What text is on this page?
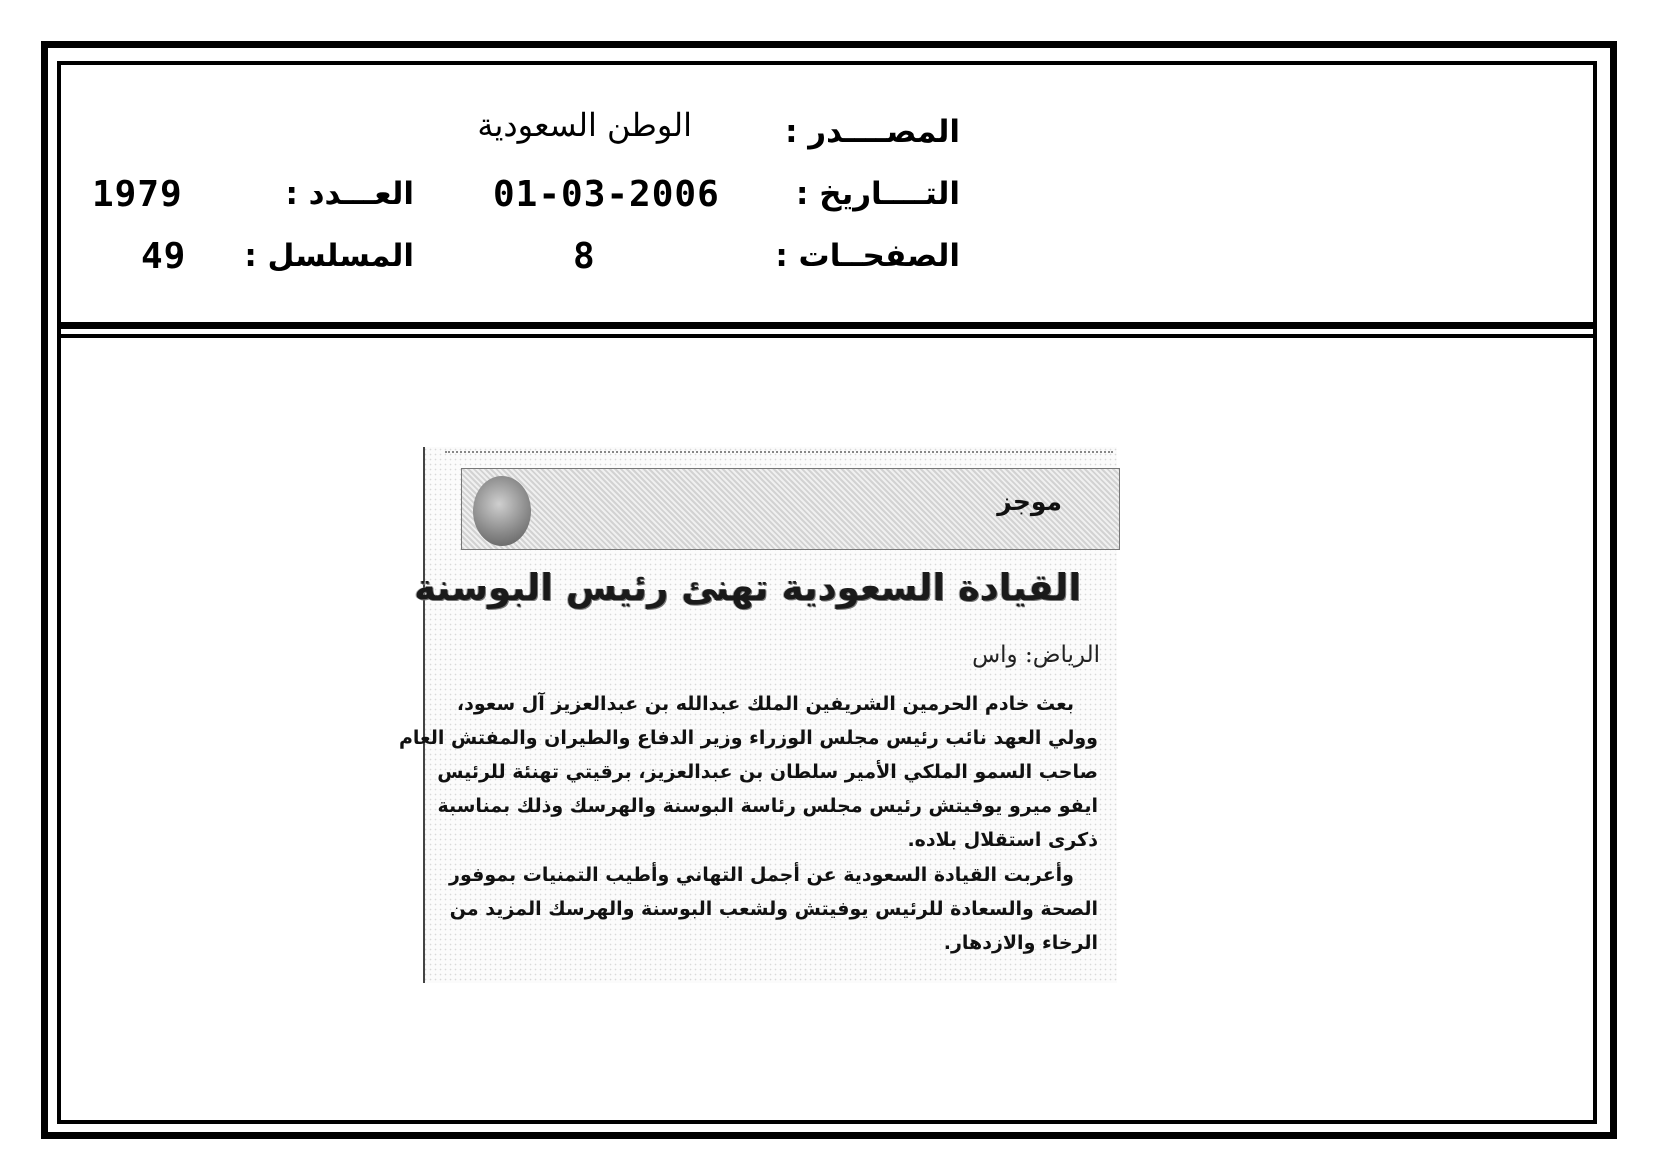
المصــــدر :
الوطن السعودية
التــــاريخ :
01-03-2006
العـــدد :
1979
الصفحــات :
8
المسلسل :
49
موجز
القيادة السعودية تهنئ رئيس البوسنة
الرياض: واس
بعث خادم الحرمين الشريفين الملك عبدالله بن عبدالعزيز آل سعود،
وولي العهد نائب رئيس مجلس الوزراء وزير الدفاع والطيران والمفتش العام
صاحب السمو الملكي الأمير سلطان بن عبدالعزيز، برقيتي تهنئة للرئيس
ايفو ميرو يوفيتش رئيس مجلس رئاسة البوسنة والهرسك وذلك بمناسبة
ذكرى استقلال بلاده.
وأعربت القيادة السعودية عن أجمل التهاني وأطيب التمنيات بموفور
الصحة والسعادة للرئيس يوفيتش ولشعب البوسنة والهرسك المزيد من
الرخاء والازدهار.
